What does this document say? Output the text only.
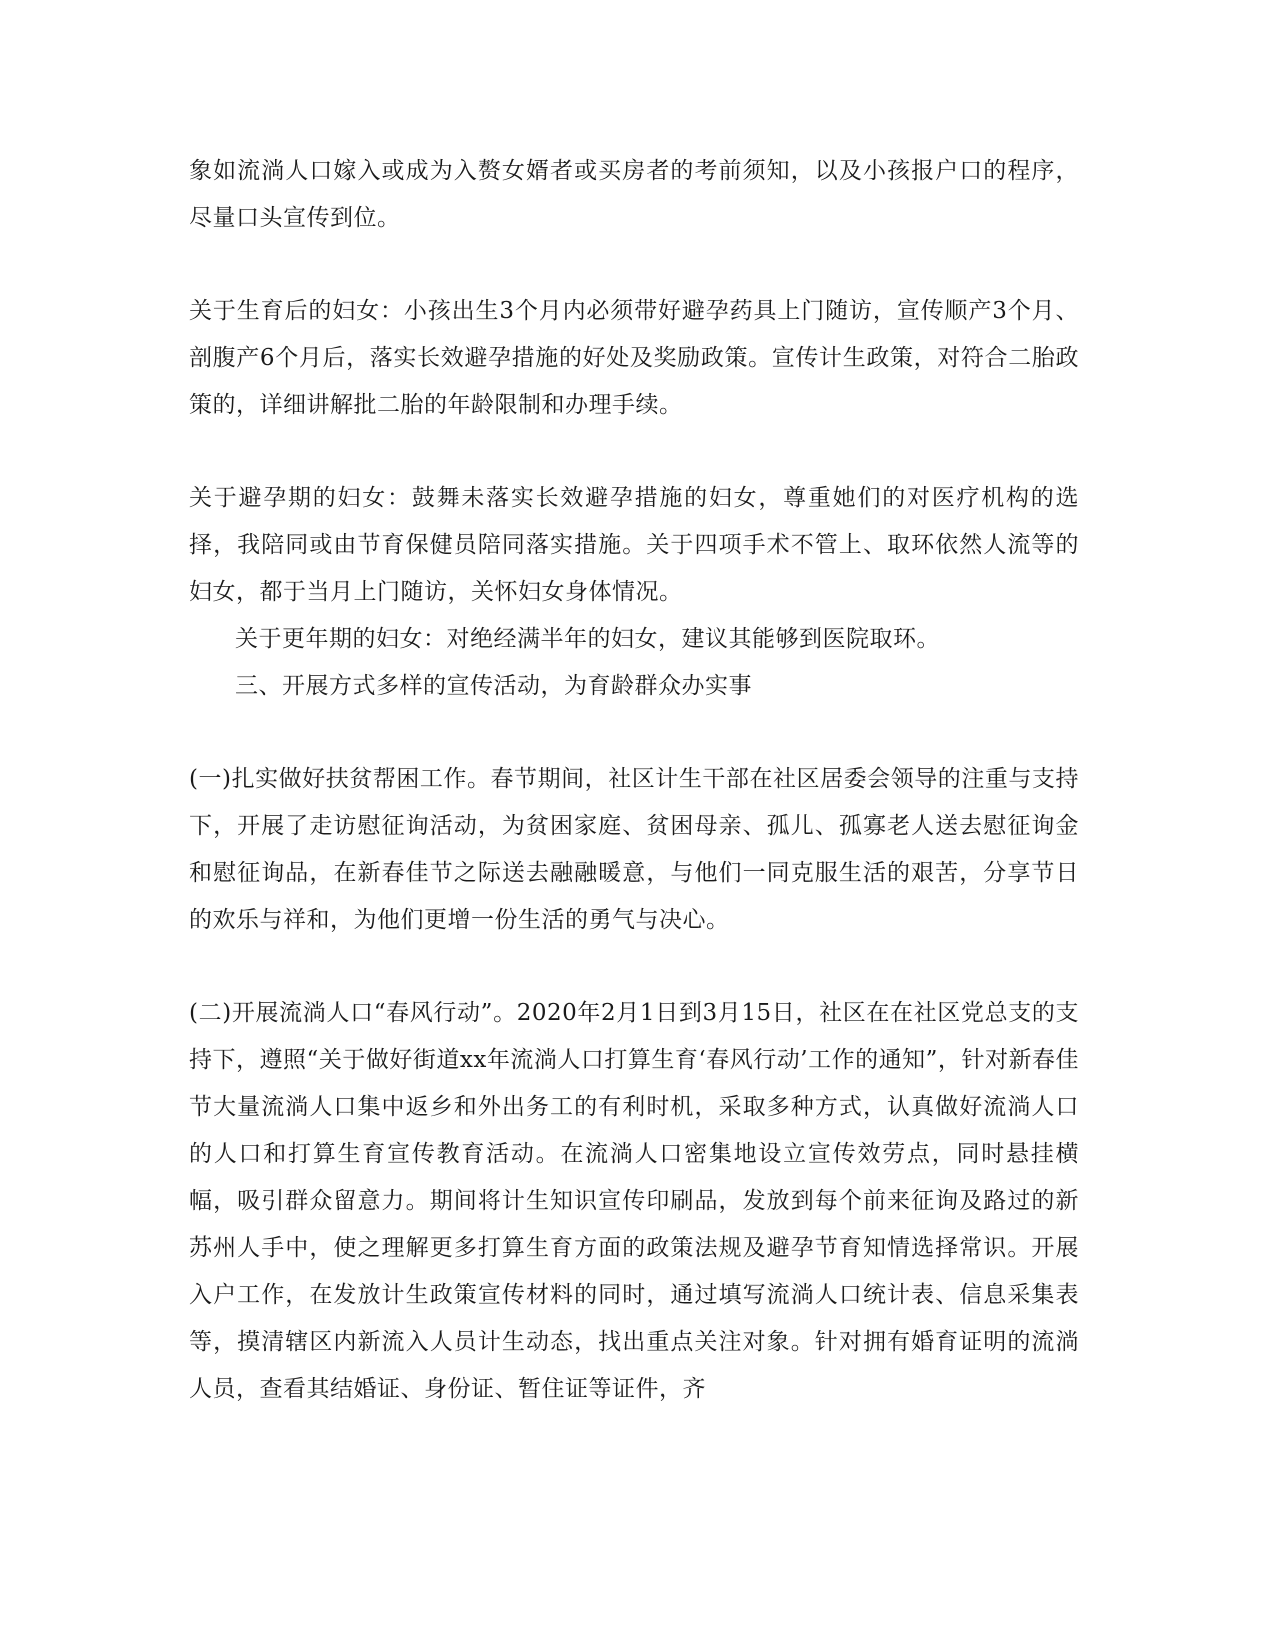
象如流淌人口嫁入或成为入赘女婿者或买房者的考前须知，以及小孩报户口的程序，尽量口头宣传到位。

关于生育后的妇女：小孩出生3个月内必须带好避孕药具上门随访，宣传顺产3个月、剖腹产6个月后，落实长效避孕措施的好处及奖励政策。宣传计生政策，对符合二胎政策的，详细讲解批二胎的年龄限制和办理手续。

关于避孕期的妇女：鼓舞未落实长效避孕措施的妇女，尊重她们的对医疗机构的选择，我陪同或由节育保健员陪同落实措施。关于四项手术不管上、取环依然人流等的妇女，都于当月上门随访，关怀妇女身体情况。

关于更年期的妇女：对绝经满半年的妇女，建议其能够到医院取环。

三、开展方式多样的宣传活动，为育龄群众办实事

(一)扎实做好扶贫帮困工作。春节期间，社区计生干部在社区居委会领导的注重与支持下，开展了走访慰征询活动，为贫困家庭、贫困母亲、孤儿、孤寡老人送去慰征询金和慰征询品，在新春佳节之际送去融融暖意，与他们一同克服生活的艰苦，分享节日的欢乐与祥和，为他们更增一份生活的勇气与决心。

(二)开展流淌人口“春风行动”。2020年2月1日到3月15日，社区在在社区党总支的支持下，遵照“关于做好街道xx年流淌人口打算生育‘春风行动’工作的通知”，针对新春佳节大量流淌人口集中返乡和外出务工的有利时机，采取多种方式，认真做好流淌人口的人口和打算生育宣传教育活动。在流淌人口密集地设立宣传效劳点，同时悬挂横幅，吸引群众留意力。期间将计生知识宣传印刷品，发放到每个前来征询及路过的新苏州人手中，使之理解更多打算生育方面的政策法规及避孕节育知情选择常识。开展入户工作，在发放计生政策宣传材料的同时，通过填写流淌人口统计表、信息采集表等，摸清辖区内新流入人员计生动态，找出重点关注对象。针对拥有婚育证明的流淌人员，查看其结婚证、身份证、暂住证等证件，齐
